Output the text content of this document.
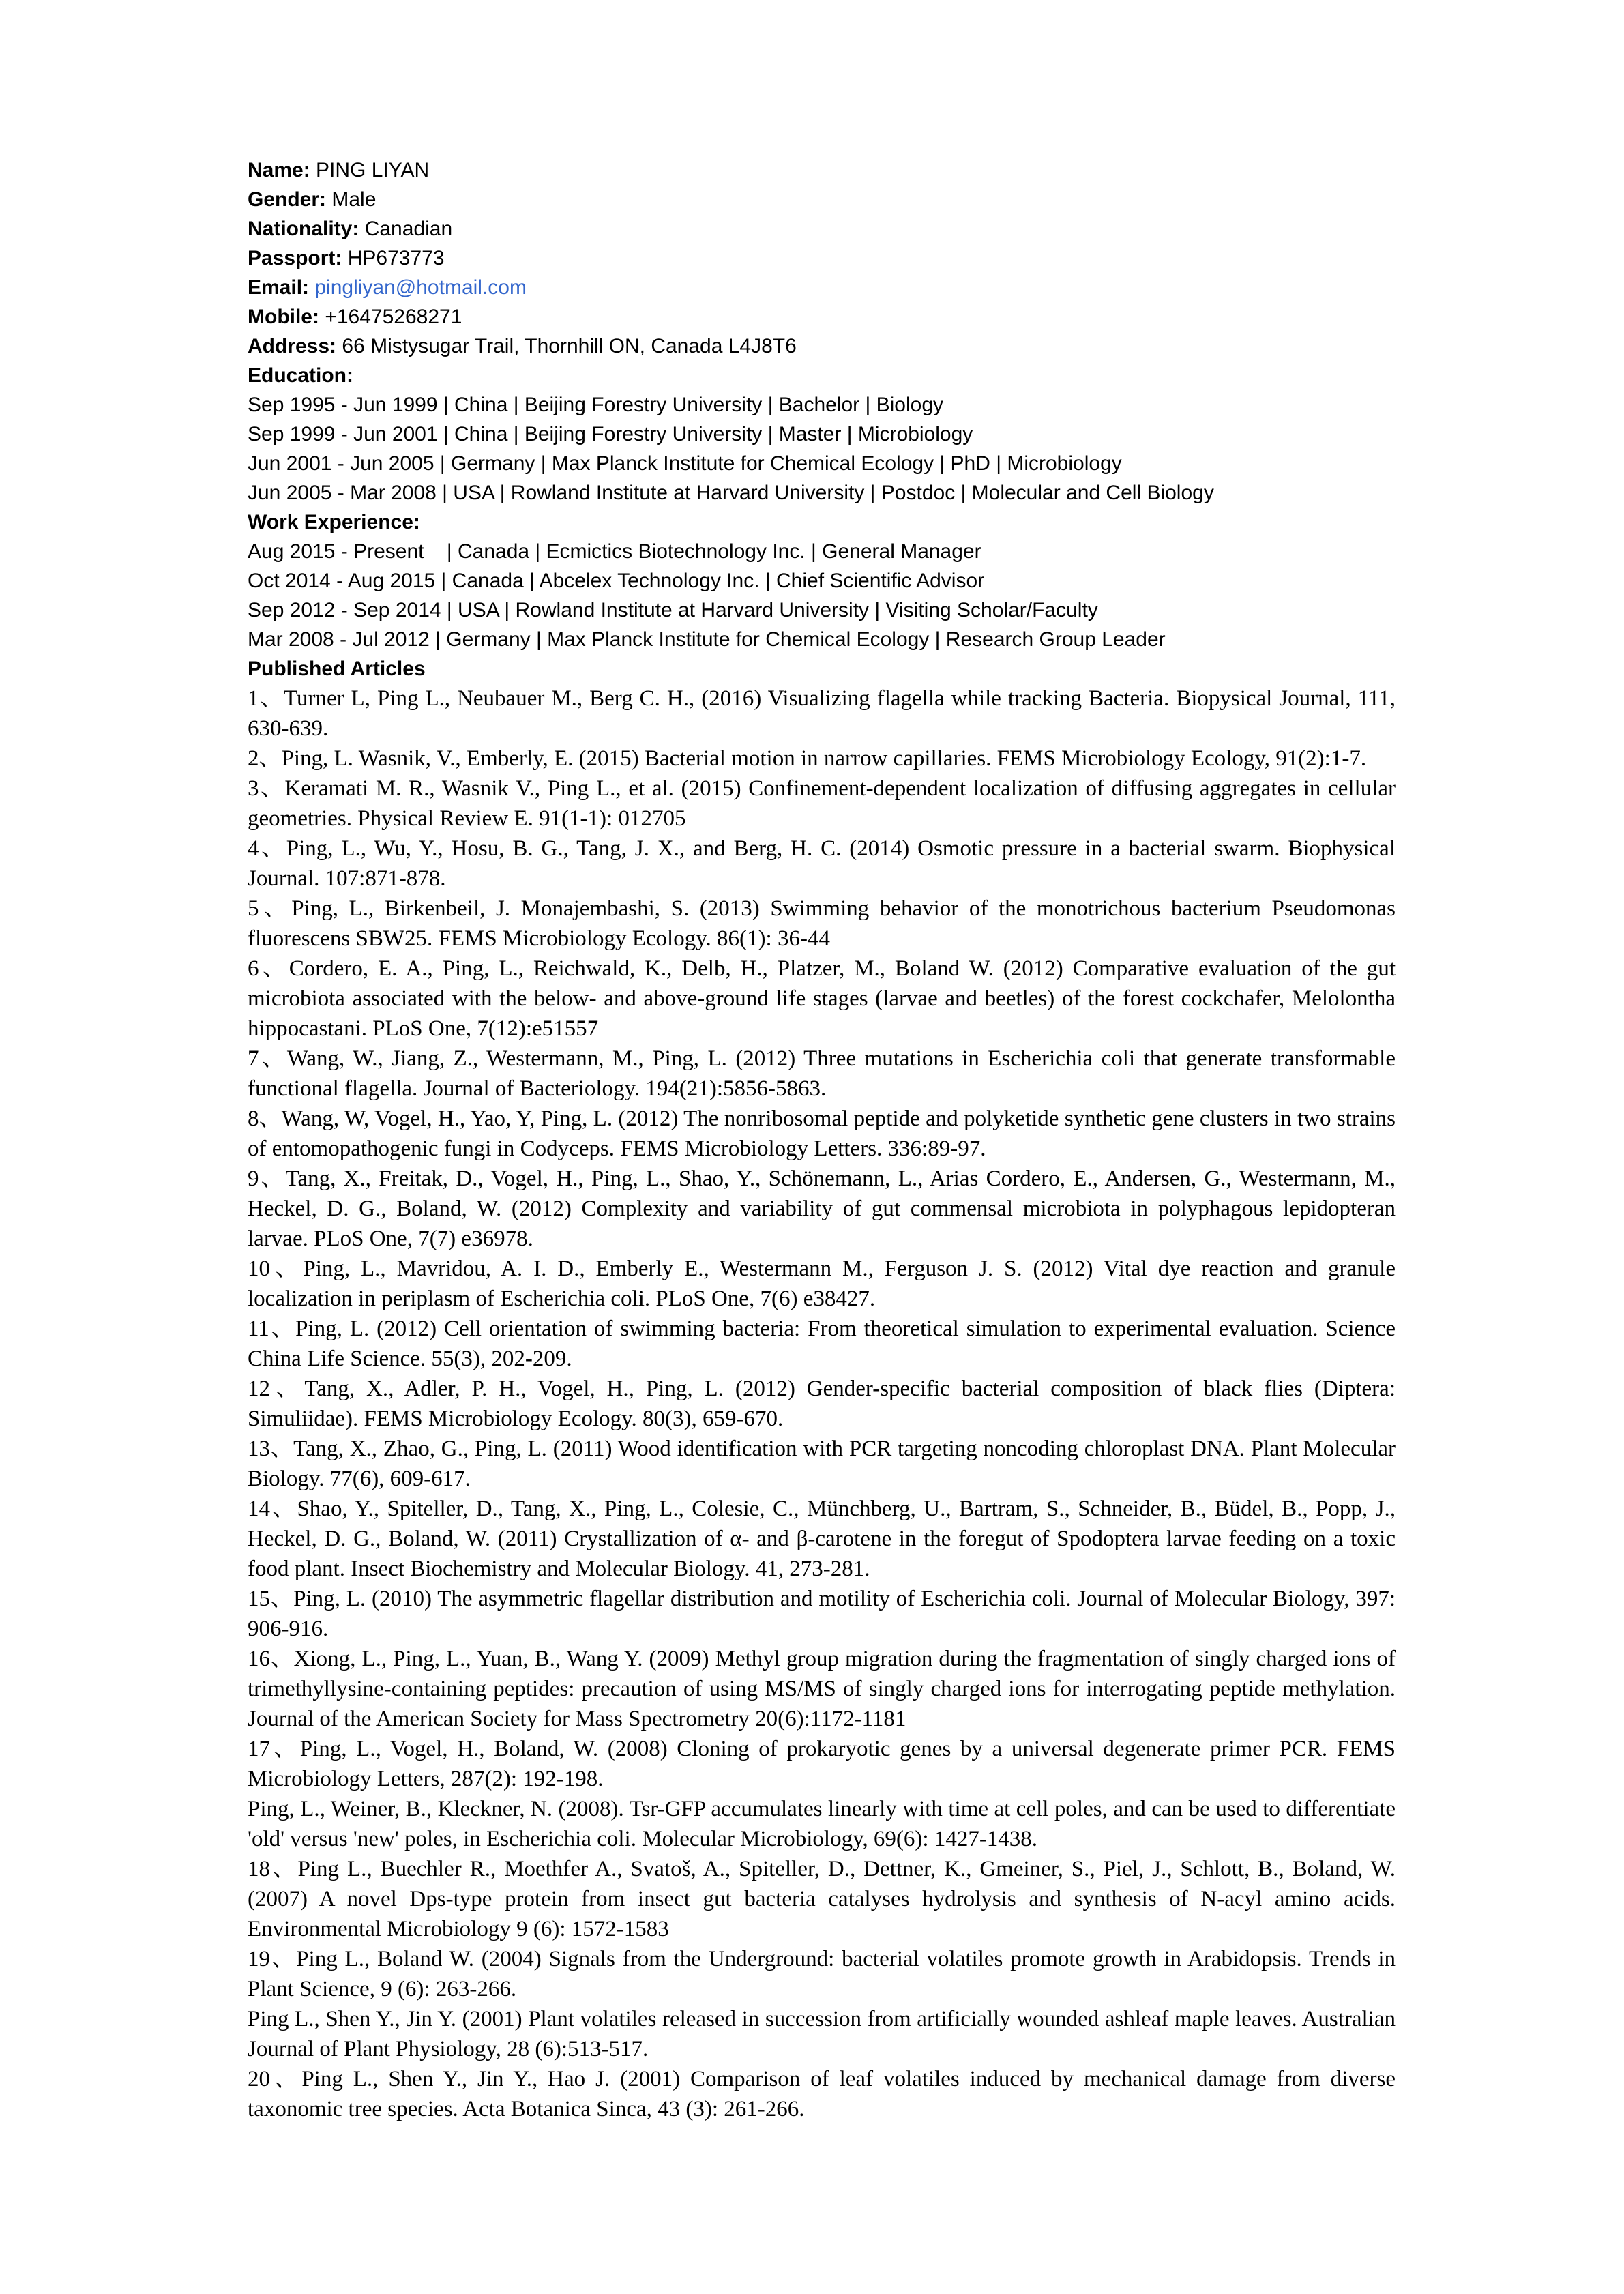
Name: PING LIYAN
Gender: Male
Nationality: Canadian
Passport: HP673773
Email: pingliyan@hotmail.com
Mobile: +16475268271
Address: 66 Mistysugar Trail, Thornhill ON, Canada L4J8T6
Education:
Sep 1995 - Jun 1999 | China | Beijing Forestry University | Bachelor | Biology
Sep 1999 - Jun 2001 | China | Beijing Forestry University | Master | Microbiology
Jun 2001 - Jun 2005 | Germany | Max Planck Institute for Chemical Ecology | PhD | Microbiology
Jun 2005 - Mar 2008 | USA | Rowland Institute at Harvard University | Postdoc | Molecular and Cell Biology
Work Experience:
Aug 2015 - Present    | Canada | Ecmictics Biotechnology Inc. | General Manager
Oct 2014 - Aug 2015 | Canada | Abcelex Technology Inc. | Chief Scientific Advisor
Sep 2012 - Sep 2014 | USA | Rowland Institute at Harvard University | Visiting Scholar/Faculty
Mar 2008 - Jul 2012 | Germany | Max Planck Institute for Chemical Ecology | Research Group Leader
Published Articles
1、Turner L, Ping L., Neubauer M., Berg C. H., (2016) Visualizing flagella while tracking Bacteria. Biopysical Journal, 111, 630-639.
2、Ping, L. Wasnik, V., Emberly, E. (2015) Bacterial motion in narrow capillaries. FEMS Microbiology Ecology, 91(2):1-7.
3、Keramati M. R., Wasnik V., Ping L., et al. (2015) Confinement-dependent localization of diffusing aggregates in cellular geometries. Physical Review E. 91(1-1): 012705
4、Ping, L., Wu, Y., Hosu, B. G., Tang, J. X., and Berg, H. C. (2014) Osmotic pressure in a bacterial swarm. Biophysical Journal. 107:871-878.
5、Ping, L., Birkenbeil, J. Monajembashi, S. (2013) Swimming behavior of the monotrichous bacterium Pseudomonas fluorescens SBW25. FEMS Microbiology Ecology. 86(1): 36-44
6、Cordero, E. A., Ping, L., Reichwald, K., Delb, H., Platzer, M., Boland W. (2012) Comparative evaluation of the gut microbiota associated with the below- and above-ground life stages (larvae and beetles) of the forest cockchafer, Melolontha hippocastani. PLoS One, 7(12):e51557
7、Wang, W., Jiang, Z., Westermann, M., Ping, L. (2012) Three mutations in Escherichia coli that generate transformable functional flagella. Journal of Bacteriology. 194(21):5856-5863.
8、Wang, W, Vogel, H., Yao, Y, Ping, L. (2012) The nonribosomal peptide and polyketide synthetic gene clusters in two strains of entomopathogenic fungi in Codyceps. FEMS Microbiology Letters. 336:89-97.
9、Tang, X., Freitak, D., Vogel, H., Ping, L., Shao, Y., Schönemann, L., Arias Cordero, E., Andersen, G., Westermann, M., Heckel, D. G., Boland, W. (2012) Complexity and variability of gut commensal microbiota in polyphagous lepidopteran larvae. PLoS One, 7(7) e36978.
10、Ping, L., Mavridou, A. I. D., Emberly E., Westermann M., Ferguson J. S. (2012) Vital dye reaction and granule localization in periplasm of Escherichia coli. PLoS One, 7(6) e38427.
11、Ping, L. (2012) Cell orientation of swimming bacteria: From theoretical simulation to experimental evaluation. Science China Life Science. 55(3), 202-209.
12、Tang, X., Adler, P. H., Vogel, H., Ping, L. (2012) Gender-specific bacterial composition of black flies (Diptera: Simuliidae). FEMS Microbiology Ecology. 80(3), 659-670.
13、Tang, X., Zhao, G., Ping, L. (2011) Wood identification with PCR targeting noncoding chloroplast DNA. Plant Molecular Biology. 77(6), 609-617.
14、Shao, Y., Spiteller, D., Tang, X., Ping, L., Colesie, C., Münchberg, U., Bartram, S., Schneider, B., Büdel, B., Popp, J., Heckel, D. G., Boland, W. (2011) Crystallization of α- and β-carotene in the foregut of Spodoptera larvae feeding on a toxic food plant. Insect Biochemistry and Molecular Biology. 41, 273-281.
15、Ping, L. (2010) The asymmetric flagellar distribution and motility of Escherichia coli. Journal of Molecular Biology, 397: 906-916.
16、Xiong, L., Ping, L., Yuan, B., Wang Y. (2009) Methyl group migration during the fragmentation of singly charged ions of trimethyllysine-containing peptides: precaution of using MS/MS of singly charged ions for interrogating peptide methylation. Journal of the American Society for Mass Spectrometry 20(6):1172-1181
17、Ping, L., Vogel, H., Boland, W. (2008) Cloning of prokaryotic genes by a universal degenerate primer PCR. FEMS Microbiology Letters, 287(2): 192-198.
Ping, L., Weiner, B., Kleckner, N. (2008). Tsr-GFP accumulates linearly with time at cell poles, and can be used to differentiate 'old' versus 'new' poles, in Escherichia coli. Molecular Microbiology, 69(6): 1427-1438.
18、Ping L., Buechler R., Moethfer A., Svatoš, A., Spiteller, D., Dettner, K., Gmeiner, S., Piel, J., Schlott, B., Boland, W. (2007) A novel Dps-type protein from insect gut bacteria catalyses hydrolysis and synthesis of N-acyl amino acids. Environmental Microbiology 9 (6): 1572-1583
19、Ping L., Boland W. (2004) Signals from the Underground: bacterial volatiles promote growth in Arabidopsis. Trends in Plant Science, 9 (6): 263-266.
Ping L., Shen Y., Jin Y. (2001) Plant volatiles released in succession from artificially wounded ashleaf maple leaves. Australian Journal of Plant Physiology, 28 (6):513-517.
20、Ping L., Shen Y., Jin Y., Hao J. (2001) Comparison of leaf volatiles induced by mechanical damage from diverse taxonomic tree species. Acta Botanica Sinca, 43 (3): 261-266.
